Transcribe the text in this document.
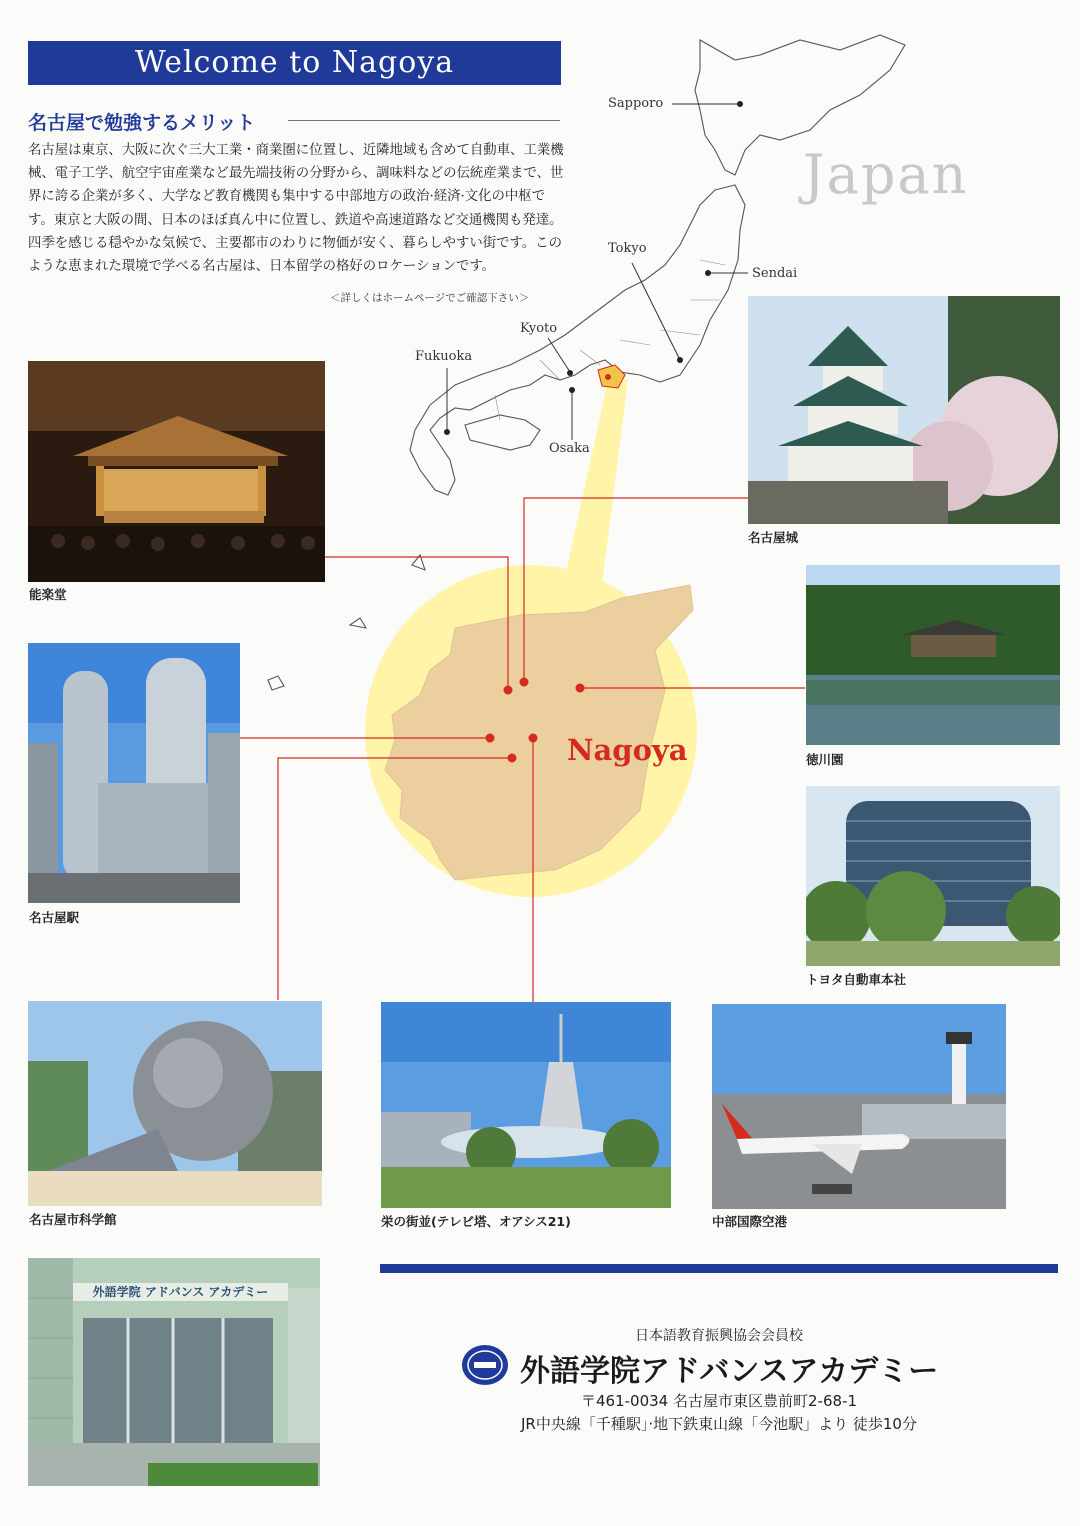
Welcome to Nagoya
名古屋で勉強するメリット
名古屋は東京、大阪に次ぐ三大工業・商業圏に位置し、近隣地域も含めて自動車、工業機械、電子工学、航空宇宙産業など最先端技術の分野から、調味料などの伝統産業まで、世界に誇る企業が多く、大学など教育機関も集中する中部地方の政治·経済·文化の中枢です。東京と大阪の間、日本のほぼ真ん中に位置し、鉄道や高速道路など交通機関も発達。四季を感じる穏やかな気候で、主要都市のわりに物価が安く、暮らしやすい街です。このような恵まれた環境で学べる名古屋は、日本留学の格好のロケーションです。
＜詳しくはホームページでご確認下さい＞
Japan
Nagoya
Sapporo
Tokyo
Sendai
Kyoto
Fukuoka
Osaka
能楽堂
名古屋城
徳川園
名古屋駅
トヨタ自動車本社
名古屋市科学館	栄の街並(テレビ塔、オアシス21)	中部国際空港
外語学院 アドバンス アカデミー
日本語教育振興協会会員校
外語学院アドバンスアカデミー
〒461-0034 名古屋市東区豊前町2-68-1
JR中央線「千種駅」·地下鉄東山線「今池駅」より 徒歩10分
